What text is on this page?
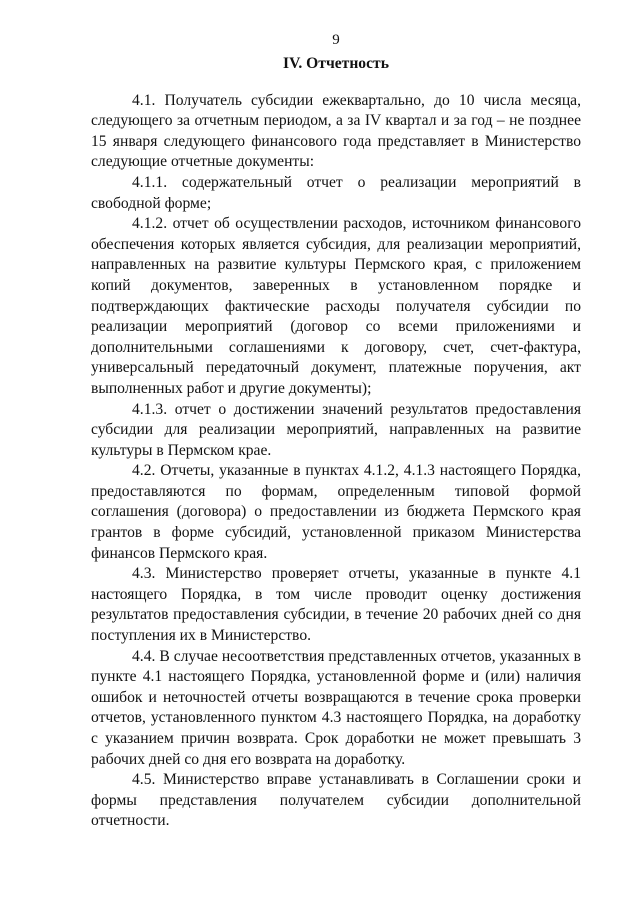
9
IV. Отчетность

4.1. Получатель субсидии ежеквартально, до 10 числа месяца, следующего за отчетным периодом, а за IV квартал и за год – не позднее 15 января следующего финансового года представляет в Министерство следующие отчетные документы:

4.1.1. содержательный отчет о реализации мероприятий в свободной форме;

4.1.2. отчет об осуществлении расходов, источником финансового обеспечения которых является субсидия, для реализации мероприятий, направленных на развитие культуры Пермского края, с приложением копий документов, заверенных в установленном порядке и подтверждающих фактические расходы получателя субсидии по реализации мероприятий (договор со всеми приложениями и дополнительными соглашениями к договору, счет, счет-фактура, универсальный передаточный документ, платежные поручения, акт выполненных работ и другие документы);

4.1.3. отчет о достижении значений результатов предоставления субсидии для реализации мероприятий, направленных на развитие культуры в Пермском крае.

4.2. Отчеты, указанные в пунктах 4.1.2, 4.1.3 настоящего Порядка, предоставляются по формам, определенным типовой формой соглашения (договора) о предоставлении из бюджета Пермского края грантов в форме субсидий, установленной приказом Министерства финансов Пермского края.

4.3. Министерство проверяет отчеты, указанные в пункте 4.1 настоящего Порядка, в том числе проводит оценку достижения результатов предоставления субсидии, в течение 20 рабочих дней со дня поступления их в Министерство.

4.4. В случае несоответствия представленных отчетов, указанных в пункте 4.1 настоящего Порядка, установленной форме и (или) наличия ошибок и неточностей отчеты возвращаются в течение срока проверки отчетов, установленного пунктом 4.3 настоящего Порядка, на доработку с указанием причин возврата. Срок доработки не может превышать 3 рабочих дней со дня его возврата на доработку.

4.5. Министерство вправе устанавливать в Соглашении сроки и формы представления получателем субсидии дополнительной отчетности.
